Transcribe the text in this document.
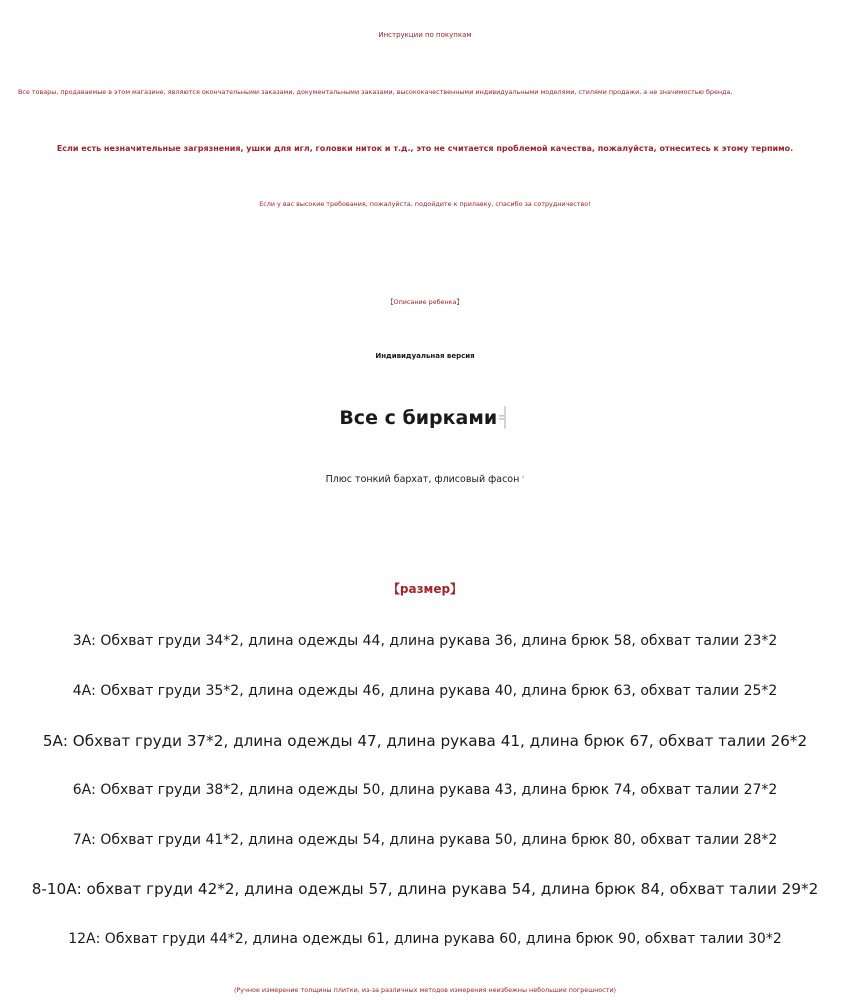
Инструкции по покупкам
Все товары, продаваемые в этом магазине, являются окончательными заказами, документальными заказами, высококачественными индивидуальными моделями, стилями продажи, а не значимостью бренда,
Если есть незначительные загрязнения, ушки для игл, головки ниток и т.д., это не считается проблемой качества, пожалуйста, отнеситесь к этому терпимо.
Если у вас высокие требования, пожалуйста, подойдите к прилавку, спасибо за сотрудничество!
【Описание ребенка】
Индивидуальная версия
Все с бирками ╡
Плюс тонкий бархат, флисовый фасон ❛
【размер】
3А: Обхват груди 34*2, длина одежды 44, длина рукава 36, длина брюк 58, обхват талии 23*2
4А: Обхват груди 35*2, длина одежды 46, длина рукава 40, длина брюк 63, обхват талии 25*2
5А: Обхват груди 37*2, длина одежды 47, длина рукава 41, длина брюк 67, обхват талии 26*2
6А: Обхват груди 38*2, длина одежды 50, длина рукава 43, длина брюк 74, обхват талии 27*2
7А: Обхват груди 41*2, длина одежды 54, длина рукава 50, длина брюк 80, обхват талии 28*2
8-10А: обхват груди 42*2, длина одежды 57, длина рукава 54, длина брюк 84, обхват талии 29*2
12А: Обхват груди 44*2, длина одежды 61, длина рукава 60, длина брюк 90, обхват талии 30*2
(Ручное измерение толщины плитки, из-за различных методов измерения неизбежны небольшие погрешности)
